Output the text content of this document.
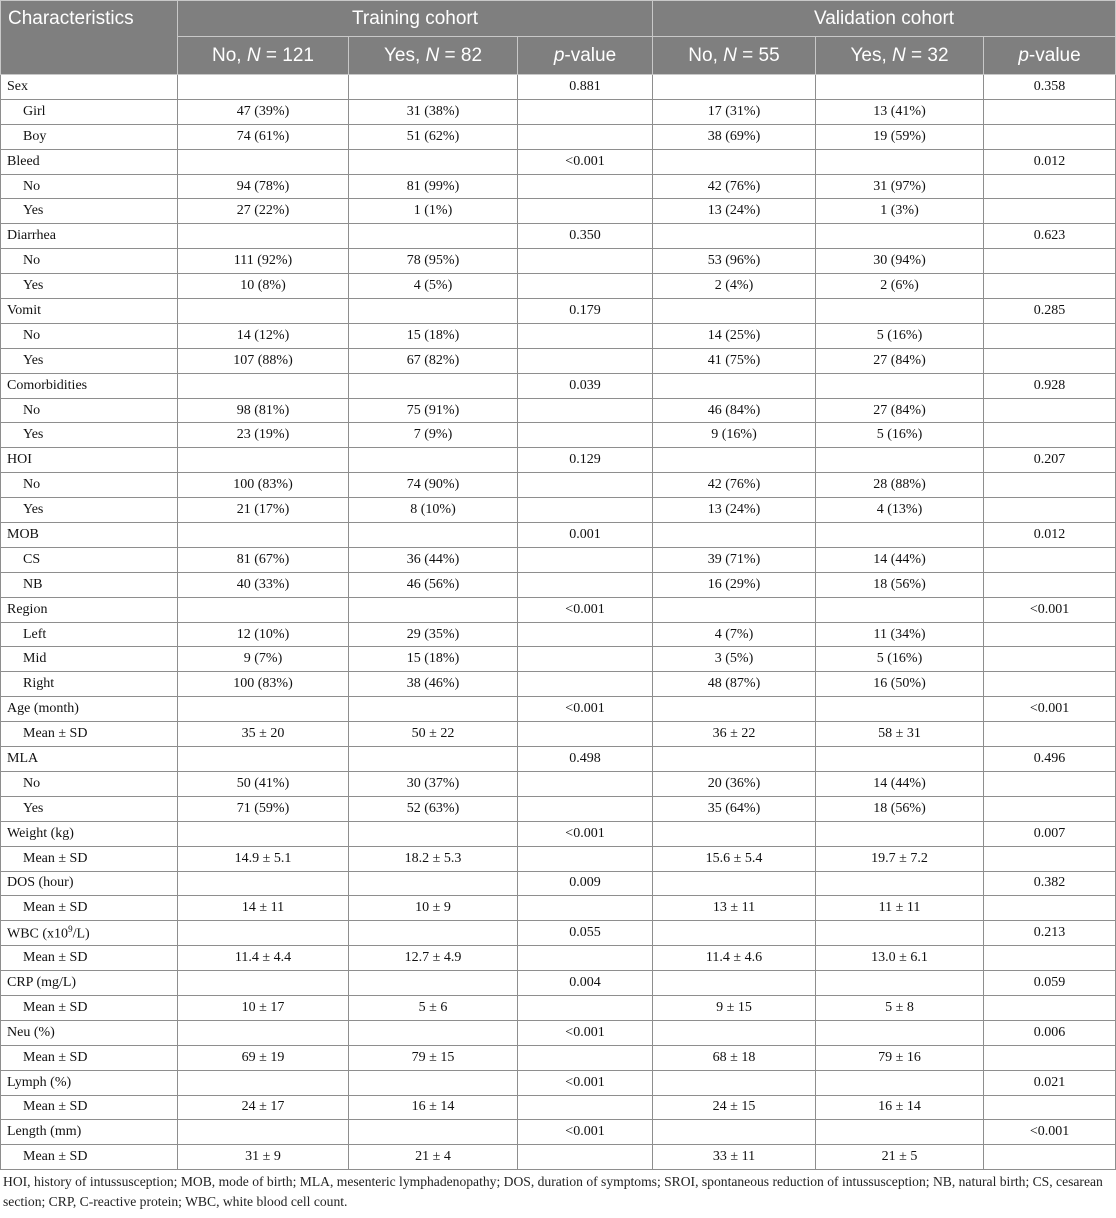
Characteristics	Training cohort			Validation cohort		
	No, N = 121	Yes, N = 82	p-value	No, N = 55	Yes, N = 32	p-value
Sex			0.881			0.358
Girl	47 (39%)	31 (38%)		17 (31%)	13 (41%)	
Boy	74 (61%)	51 (62%)		38 (69%)	19 (59%)	
Bleed			<0.001			0.012
No	94 (78%)	81 (99%)		42 (76%)	31 (97%)	
Yes	27 (22%)	1 (1%)		13 (24%)	1 (3%)	
Diarrhea			0.350			0.623
No	111 (92%)	78 (95%)		53 (96%)	30 (94%)	
Yes	10 (8%)	4 (5%)		2 (4%)	2 (6%)	
Vomit			0.179			0.285
No	14 (12%)	15 (18%)		14 (25%)	5 (16%)	
Yes	107 (88%)	67 (82%)		41 (75%)	27 (84%)	
Comorbidities			0.039			0.928
No	98 (81%)	75 (91%)		46 (84%)	27 (84%)	
Yes	23 (19%)	7 (9%)		9 (16%)	5 (16%)	
HOI			0.129			0.207
No	100 (83%)	74 (90%)		42 (76%)	28 (88%)	
Yes	21 (17%)	8 (10%)		13 (24%)	4 (13%)	
MOB			0.001			0.012
CS	81 (67%)	36 (44%)		39 (71%)	14 (44%)	
NB	40 (33%)	46 (56%)		16 (29%)	18 (56%)	
Region			<0.001			<0.001
Left	12 (10%)	29 (35%)		4 (7%)	11 (34%)	
Mid	9 (7%)	15 (18%)		3 (5%)	5 (16%)	
Right	100 (83%)	38 (46%)		48 (87%)	16 (50%)	
Age (month)			<0.001			<0.001
Mean ± SD	35 ± 20	50 ± 22		36 ± 22	58 ± 31	
MLA			0.498			0.496
No	50 (41%)	30 (37%)		20 (36%)	14 (44%)	
Yes	71 (59%)	52 (63%)		35 (64%)	18 (56%)	
Weight (kg)			<0.001			0.007
Mean ± SD	14.9 ± 5.1	18.2 ± 5.3		15.6 ± 5.4	19.7 ± 7.2	
DOS (hour)			0.009			0.382
Mean ± SD	14 ± 11	10 ± 9		13 ± 11	11 ± 11	
WBC $(x10^9/L)$			0.055			0.213
Mean ± SD	11.4 ± 4.4	12.7 ± 4.9		11.4 ± 4.6	13.0 ± 6.1	
CRP (mg/L)			0.004			0.059
Mean ± SD	10 ± 17	5 ± 6		9 ± 15	5 ± 8	
Neu (%)			<0.001			0.006
Mean ± SD	69 ± 19	79 ± 15		68 ± 18	79 ± 16	
Lymph (%)			<0.001			0.021
Mean ± SD	24 ± 17	16 ± 14		24 ± 15	16 ± 14	
Length (mm)			<0.001			<0.001
Mean ± SD	31 ± 9	21 ± 4		33 ± 11	21 ± 5	
HOI, history of intussusception; MOB, mode of birth; MLA, mesenteric lymphadenopathy; DOS, duration of symptoms; SROI, spontaneous reduction of intussusception; NB, natural birth; CS, cesarean section; CRP, C-reactive protein; WBC, white blood cell count.
